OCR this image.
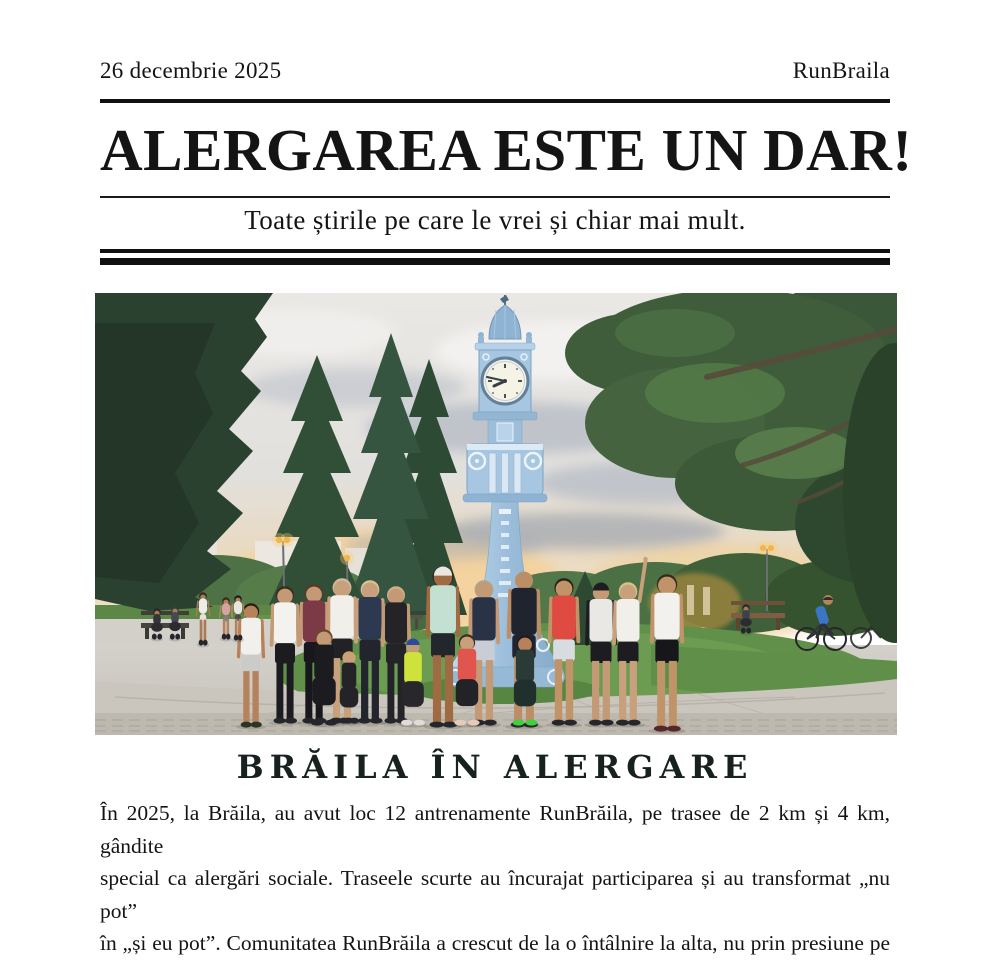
26 decembrie 2025	RunBraila
ALERGAREA ESTE UN DAR!
Toate știrile pe care le vrei și chiar mai mult.
BRĂILA ÎN ALERGARE
În 2025, la Brăila, au avut loc 12 antrenamente RunBrăila, pe trasee de 2 km și 4 km, gândite
special ca alergări sociale. Traseele scurte au încurajat participarea și au transformat „nu pot”
în „și eu pot”. Comunitatea RunBrăila a crescut de la o întâlnire la alta, nu prin presiune pe
